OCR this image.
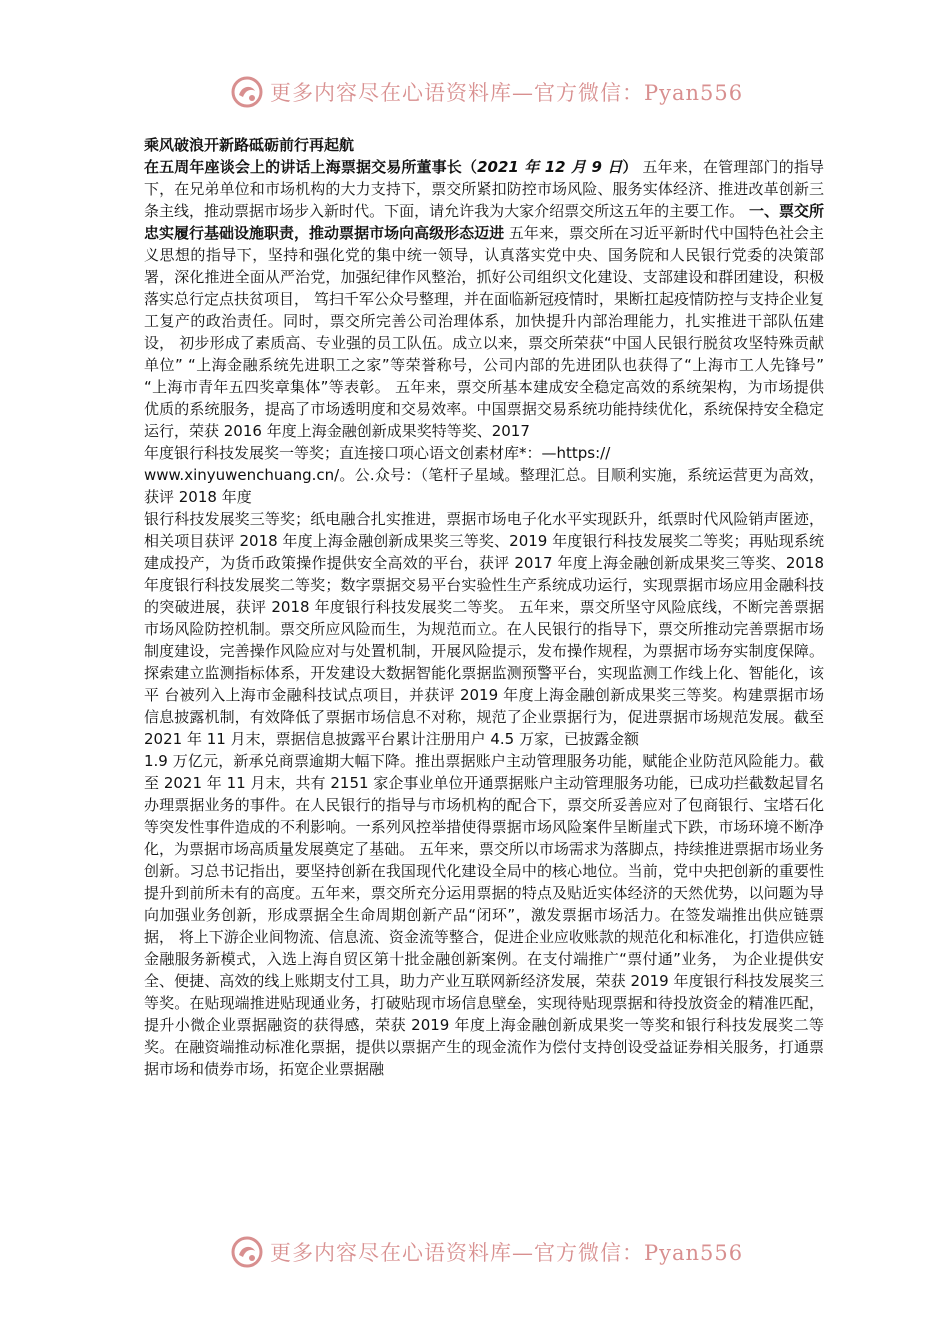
更多内容尽在心语资料库—官方微信：Pyan556

乘风破浪开新路砥砺前行再起航

在五周年座谈会上的讲话上海票据交易所董事长（2021 年 12 月 9 日） 五年来，在管理部门的指导下，在兄弟单位和市场机构的大力支持下，票交所紧扣防控市场风险、服务实体经济、推进改革创新三条主线，推动票据市场步入新时代。下面，请允许我为大家介绍票交所这五年的主要工作。 一、票交所忠实履行基础设施职责，推动票据市场向高级形态迈进 五年来，票交所在习近平新时代中国特色社会主义思想的指导下，坚持和强化党的集中统一领导，认真落实党中央、国务院和人民银行党委的决策部署，深化推进全面从严治党，加强纪律作风整治，抓好公司组织文化建设、支部建设和群团建设，积极落实总行定点扶贫项目， 笃扫千军公众号整理，并在面临新冠疫情时，果断扛起疫情防控与支持企业复工复产的政治责任。同时，票交所完善公司治理体系，加快提升内部治理能力，扎实推进干部队伍建设， 初步形成了素质高、专业强的员工队伍。成立以来，票交所荣获“中国人民银行脱贫攻坚特殊贡献单位” “上海金融系统先进职工之家”等荣誉称号，公司内部的先进团队也获得了“上海市工人先锋号” “上海市青年五四奖章集体”等表彰。 五年来，票交所基本建成安全稳定高效的系统架构，为市场提供优质的系统服务，提高了市场透明度和交易效率。中国票据交易系统功能持续优化，系统保持安全稳定运行，荣获 2016 年度上海金融创新成果奖特等奖、2017

年度银行科技发展奖一等奖；直连接口项心语文创素材库*：—https://

www.xinyuwenchuang.cn/。公.众号：（笔杆子星域。整理汇总。目顺利实施，系统运营更为高效，获评 2018 年度

银行科技发展奖三等奖；纸电融合扎实推进，票据市场电子化水平实现跃升，纸票时代风险销声匿迹，相关项目获评 2018 年度上海金融创新成果奖三等奖、2019 年度银行科技发展奖二等奖；再贴现系统建成投产，为货币政策操作提供安全高效的平台，获评 2017 年度上海金融创新成果奖三等奖、2018 年度银行科技发展奖二等奖；数字票据交易平台实验性生产系统成功运行，实现票据市场应用金融科技的突破进展，获评 2018 年度银行科技发展奖二等奖。 五年来，票交所坚守风险底线，不断完善票据市场风险防控机制。票交所应风险而生，为规范而立。在人民银行的指导下，票交所推动完善票据市场制度建设，完善操作风险应对与处置机制，开展风险提示，发布操作规程，为票据市场夯实制度保障。探索建立监测指标体系，开发建设大数据智能化票据监测预警平台，实现监测工作线上化、智能化，该平 台被列入上海市金融科技试点项目，并获评 2019 年度上海金融创新成果奖三等奖。构建票据市场信息披露机制，有效降低了票据市场信息不对称，规范了企业票据行为，促进票据市场规范发展。截至 2021 年 11 月末，票据信息披露平台累计注册用户 4.5 万家，已披露金额

1.9 万亿元，新承兑商票逾期大幅下降。推出票据账户主动管理服务功能，赋能企业防范风险能力。截至 2021 年 11 月末，共有 2151 家企事业单位开通票据账户主动管理服务功能，已成功拦截数起冒名办理票据业务的事件。在人民银行的指导与市场机构的配合下，票交所妥善应对了包商银行、宝塔石化等突发性事件造成的不利影响。一系列风控举措使得票据市场风险案件呈断崖式下跌，市场环境不断净化，为票据市场高质量发展奠定了基础。 五年来，票交所以市场需求为落脚点，持续推进票据市场业务创新。习总书记指出，要坚持创新在我国现代化建设全局中的核心地位。当前，党中央把创新的重要性提升到前所未有的高度。五年来，票交所充分运用票据的特点及贴近实体经济的天然优势，以问题为导向加强业务创新，形成票据全生命周期创新产品“闭环”，激发票据市场活力。在签发端推出供应链票据， 将上下游企业间物流、信息流、资金流等整合，促进企业应收账款的规范化和标准化，打造供应链金融服务新模式，入选上海自贸区第十批金融创新案例。在支付端推广“票付通”业务， 为企业提供安全、便捷、高效的线上账期支付工具，助力产业互联网新经济发展，荣获 2019 年度银行科技发展奖三等奖。在贴现端推进贴现通业务，打破贴现市场信息壁垒，实现待贴现票据和待投放资金的精准匹配，提升小微企业票据融资的获得感，荣获 2019 年度上海金融创新成果奖一等奖和银行科技发展奖二等奖。在融资端推动标准化票据，提供以票据产生的现金流作为偿付支持创设受益证券相关服务，打通票据市场和债券市场，拓宽企业票据融

更多内容尽在心语资料库—官方微信：Pyan556
